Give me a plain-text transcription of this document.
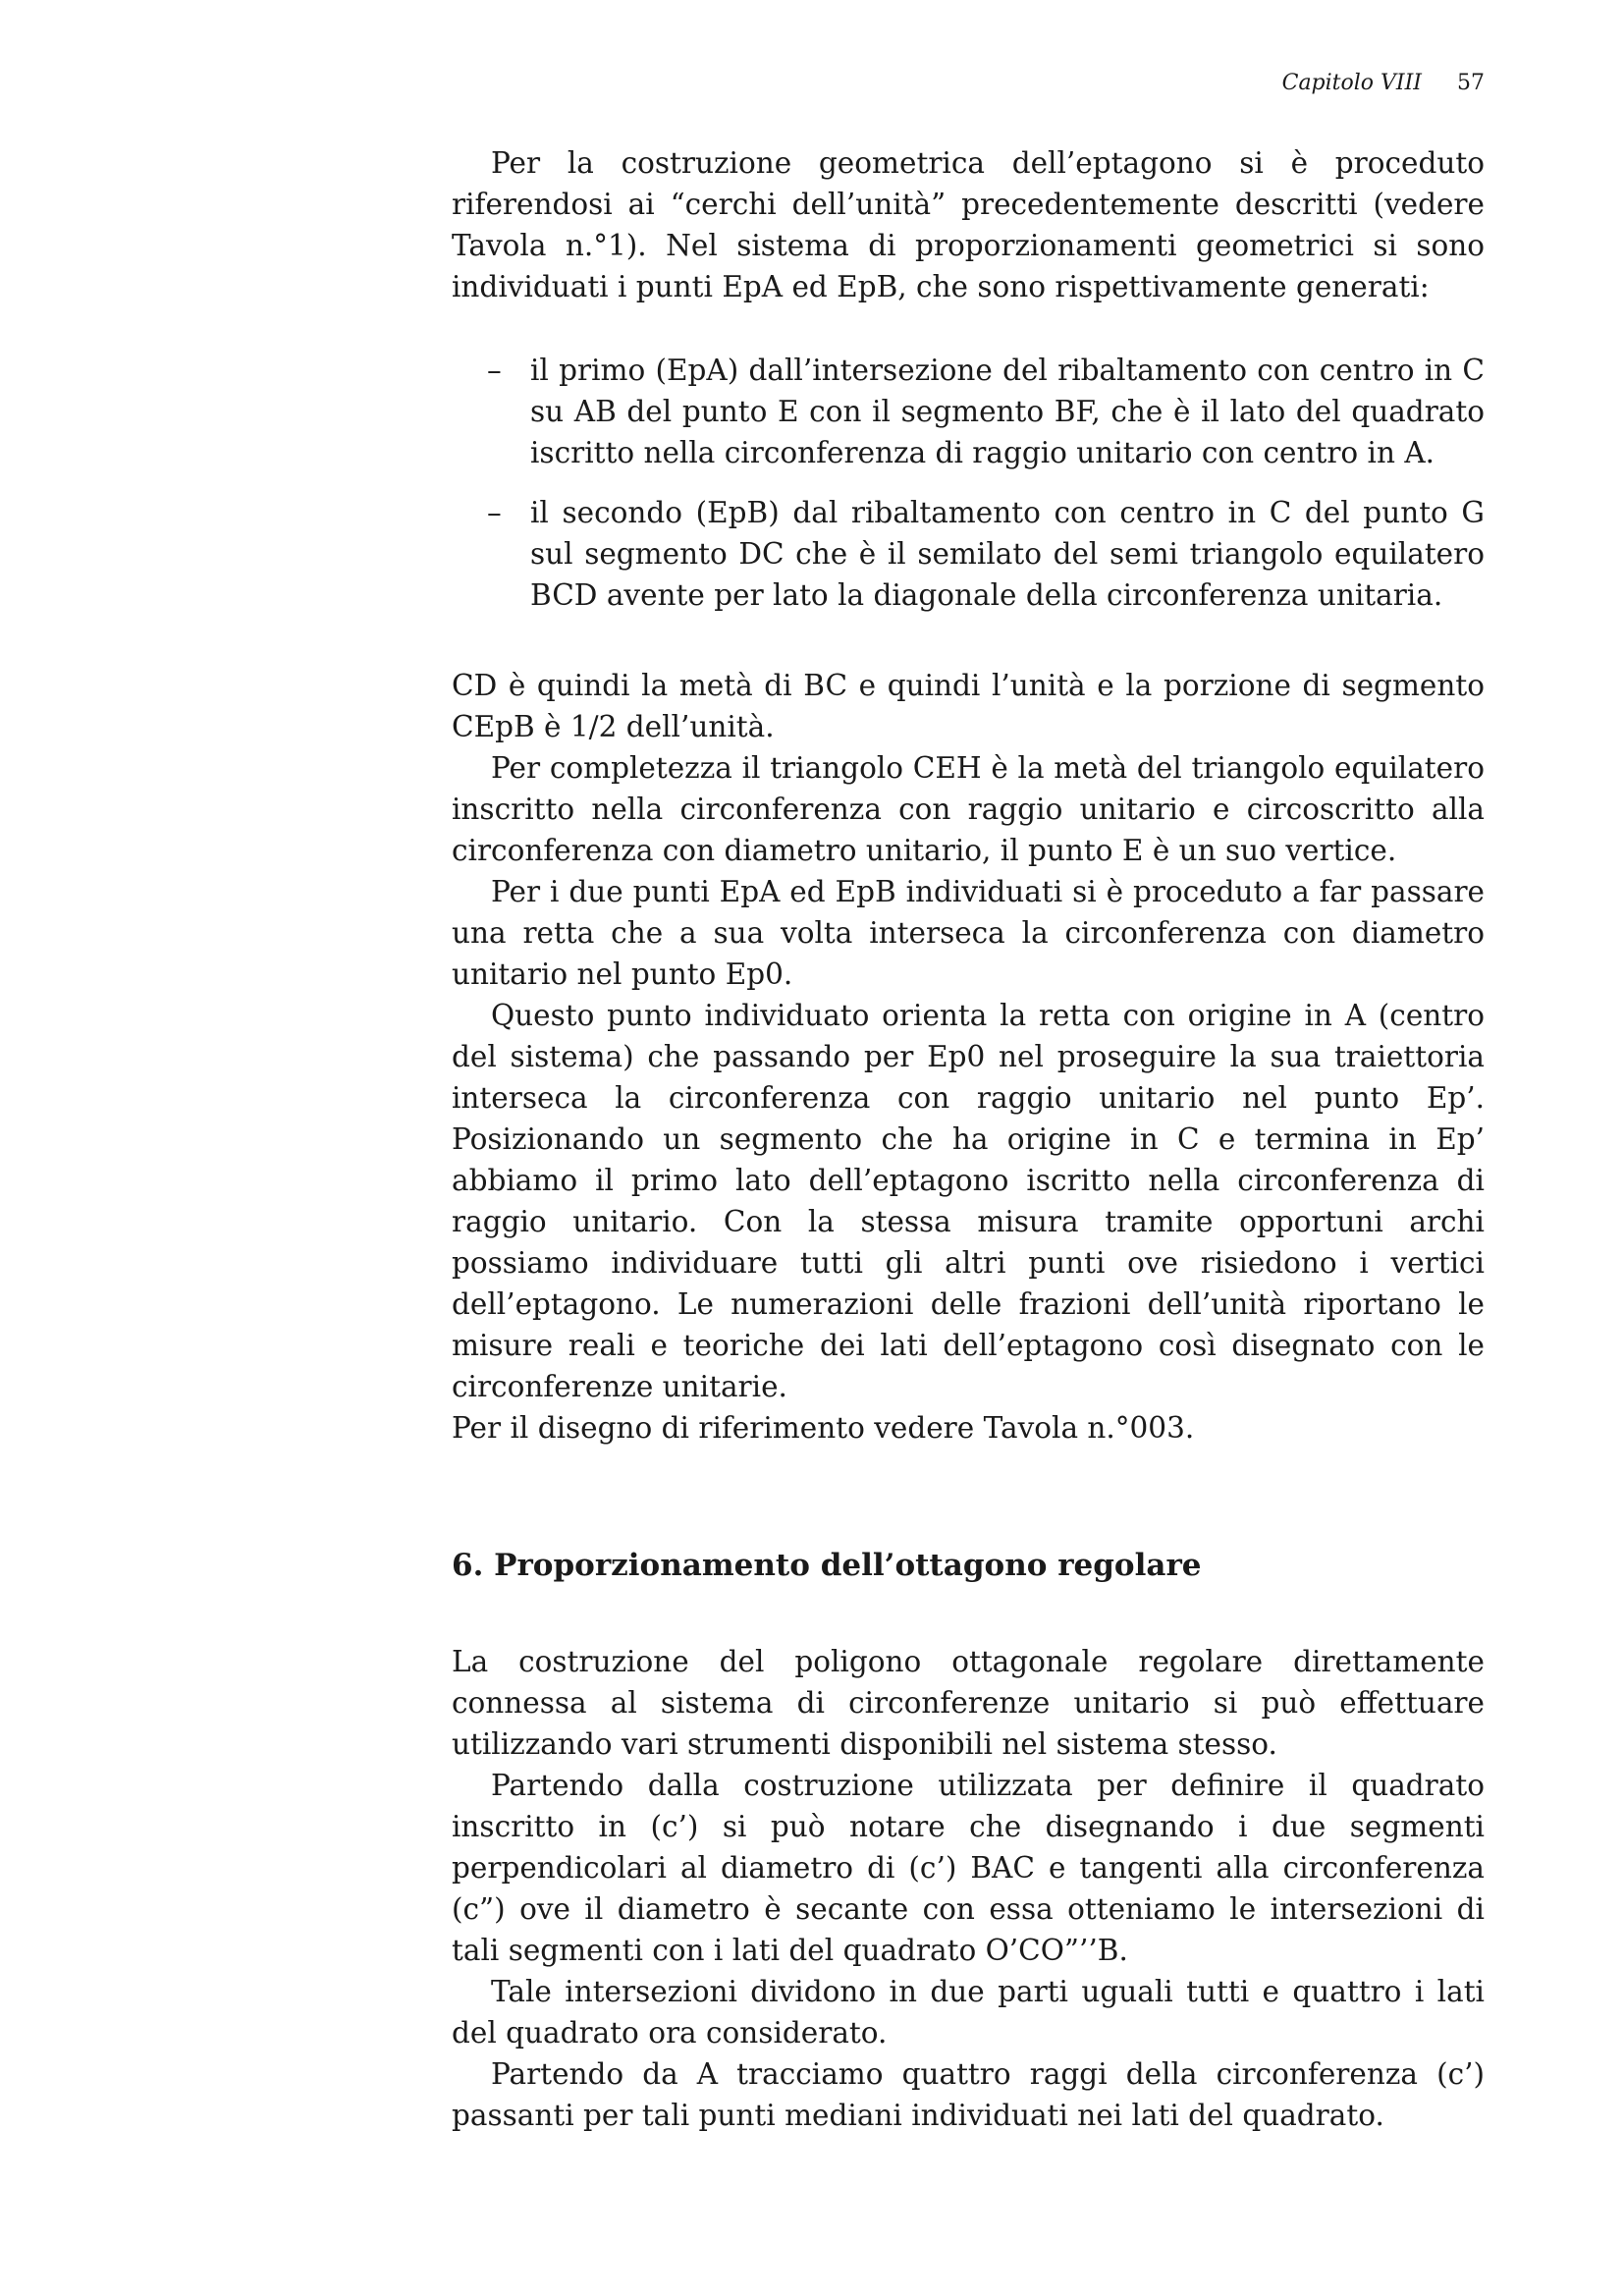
Capitolo VIII 57

Per la costruzione geometrica dell’eptagono si è proceduto riferendosi ai “cerchi dell’unità” precedentemente descritti (vedere Tavola n.°1). Nel sistema di proporzionamenti geometrici si sono individuati i punti EpA ed EpB, che sono rispettivamente generati:

– il primo (EpA) dall’intersezione del ribaltamento con centro in C su AB del punto E con il segmento BF, che è il lato del quadrato iscritto nella circonferenza di raggio unitario con centro in A.
– il secondo (EpB) dal ribaltamento con centro in C del punto G sul segmento DC che è il semilato del semi triangolo equilatero BCD avente per lato la diagonale della circonferenza unitaria.

CD è quindi la metà di BC e quindi l’unità e la porzione di segmento CEpB è 1/2 dell’unità.

Per completezza il triangolo CEH è la metà del triangolo equilatero inscritto nella circonferenza con raggio unitario e circoscritto alla circonferenza con diametro unitario, il punto E è un suo vertice.

Per i due punti EpA ed EpB individuati si è proceduto a far passare una retta che a sua volta interseca la circonferenza con diametro unitario nel punto Ep0.

Questo punto individuato orienta la retta con origine in A (centro del sistema) che passando per Ep0 nel proseguire la sua traiettoria interseca la circonferenza con raggio unitario nel punto Ep’. Posizionando un segmento che ha origine in C e termina in Ep’ abbiamo il primo lato dell’eptagono iscritto nella circonferenza di raggio unitario. Con la stessa misura tramite opportuni archi possiamo individuare tutti gli altri punti ove risiedono i vertici dell’eptagono. Le numerazioni delle frazioni dell’unità riportano le misure reali e teoriche dei lati dell’eptagono così disegnato con le circonferenze unitarie.

Per il disegno di riferimento vedere Tavola n.°003.

6. Proporzionamento dell’ottagono regolare

La costruzione del poligono ottagonale regolare direttamente connessa al sistema di circonferenze unitario si può effettuare utilizzando vari strumenti disponibili nel sistema stesso.

Partendo dalla costruzione utilizzata per definire il quadrato inscritto in (c’) si può notare che disegnando i due segmenti perpendicolari al diametro di (c’) BAC e tangenti alla circonferenza (c”) ove il diametro è secante con essa otteniamo le intersezioni di tali segmenti con i lati del quadrato O’CO”’’B.

Tale intersezioni dividono in due parti uguali tutti e quattro i lati del quadrato ora considerato.

Partendo da A tracciamo quattro raggi della circonferenza (c’) passanti per tali punti mediani individuati nei lati del quadrato.
